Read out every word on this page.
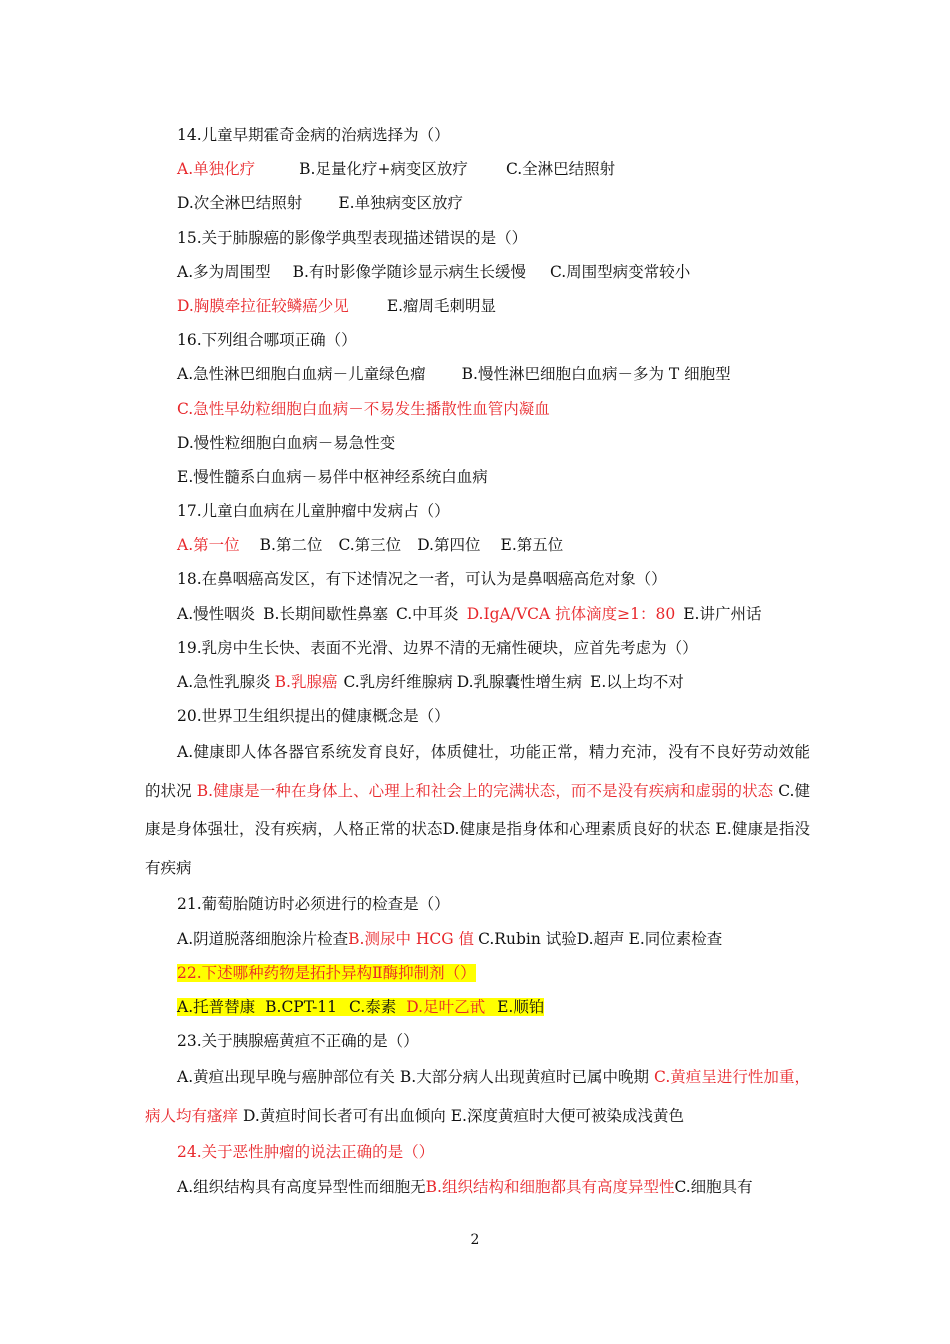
14.儿童早期霍奇金病的治病选择为（）
A.单独化疗	B.足量化疗+病变区放疗 C.全淋巴结照射
D.次全淋巴结照射 E.单独病变区放疗
15.关于肺腺癌的影像学典型表现描述错误的是（）
A.多为周围型 B.有时影像学随诊显示病生长缓慢 C.周围型病变常较小
D.胸膜牵拉征较鳞癌少见 E.瘤周毛刺明显
16.下列组合哪项正确（）
A.急性淋巴细胞白血病－儿童绿色瘤 B.慢性淋巴细胞白血病－多为 T 细胞型
C.急性早幼粒细胞白血病－不易发生播散性血管内凝血
D.慢性粒细胞白血病－易急性变
E.慢性髓系白血病－易伴中枢神经系统白血病
17.儿童白血病在儿童肿瘤中发病占（）
A.第一位 B.第二位 C.第三位 D.第四位 E.第五位
18.在鼻咽癌高发区，有下述情况之一者，可认为是鼻咽癌高危对象（）
A.慢性咽炎 B.长期间歇性鼻塞 C.中耳炎 D.IgA/VCA 抗体滴度≥1：80 E.讲广州话
19.乳房中生长快、表面不光滑、边界不清的无痛性硬块，应首先考虑为（）
A.急性乳腺炎 B.乳腺癌 C.乳房纤维腺病 D.乳腺囊性增生病 E.以上均不对
20.世界卫生组织提出的健康概念是（）
A.健康即人体各器官系统发育良好，体质健壮，功能正常，精力充沛，没有不良好劳动效能的状况 B.健康是一种在身体上、心理上和社会上的完满状态，而不是没有疾病和虚弱的状态 C.健康是身体强壮，没有疾病，人格正常的状态D.健康是指身体和心理素质良好的状态 E.健康是指没有疾病
21.葡萄胎随访时必须进行的检查是（）
A.阴道脱落细胞涂片检查B.测尿中 HCG 值 C.Rubin 试验D.超声 E.同位素检查
22.下述哪种药物是拓扑异构Ⅱ酶抑制剂（）
A.托普替康 B.CPT-11 C.泰素 D.足叶乙甙 E.顺铂
23.关于胰腺癌黄疸不正确的是（）
A.黄疸出现早晚与癌肿部位有关 B.大部分病人出现黄疸时已属中晚期 C.黄疸呈进行性加重，病人均有瘙痒 D.黄疸时间长者可有出血倾向 E.深度黄疸时大便可被染成浅黄色
24.关于恶性肿瘤的说法正确的是（）
A.组织结构具有高度异型性而细胞无B.组织结构和细胞都具有高度异型性C.细胞具有
2
